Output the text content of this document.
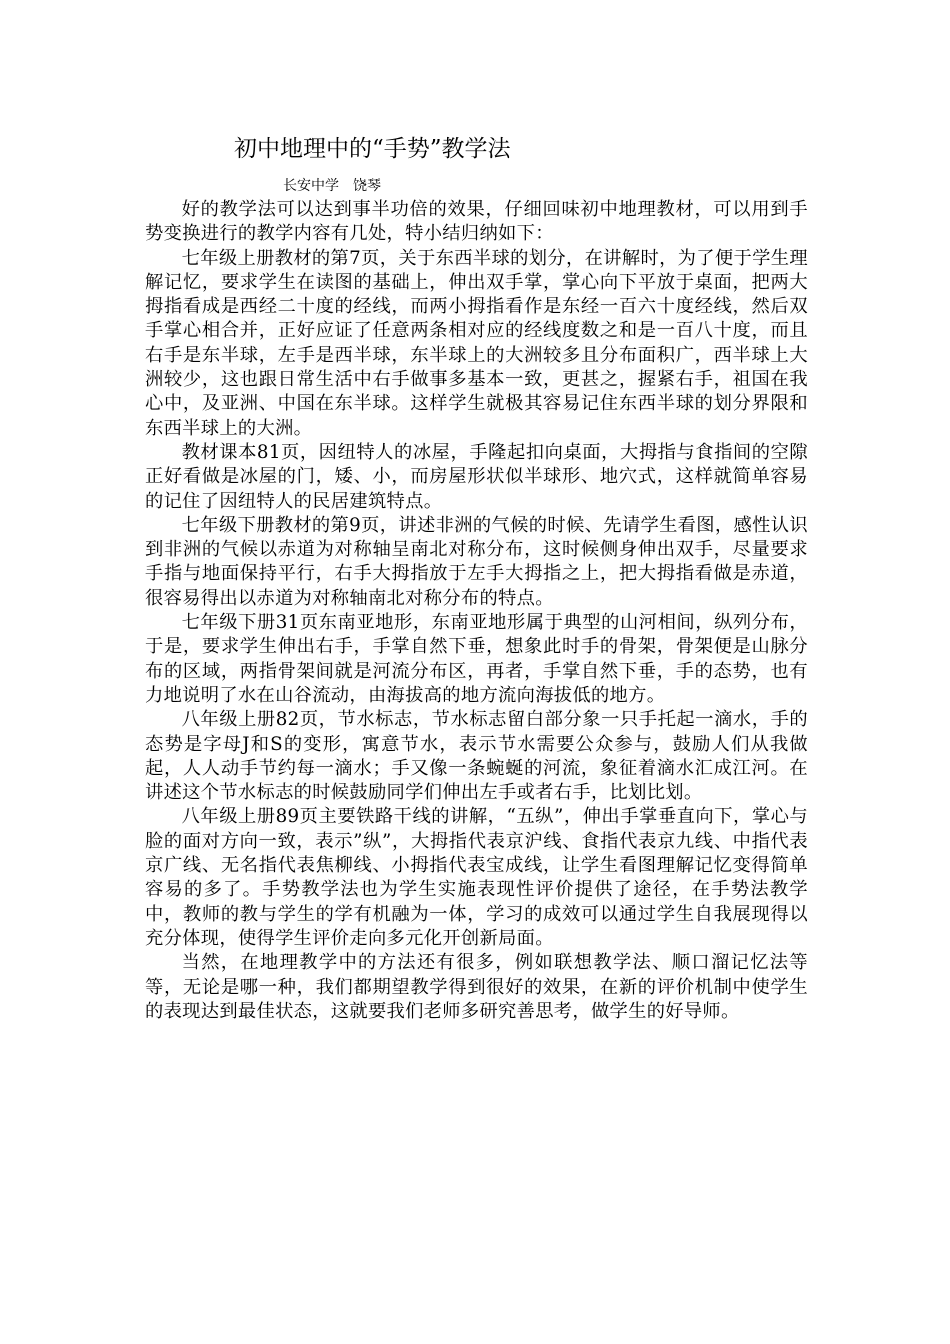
初中地理中的“手势”教学法
长安中学 饶琴

好的教学法可以达到事半功倍的效果，仔细回味初中地理教材，可以用到手势变换进行的教学内容有几处，特小结归纳如下：

七年级上册教材的第7页，关于东西半球的划分，在讲解时，为了便于学生理解记忆，要求学生在读图的基础上，伸出双手掌，掌心向下平放于桌面，把两大拇指看成是西经二十度的经线，而两小拇指看作是东经一百六十度经线，然后双手掌心相合并，正好应证了任意两条相对应的经线度数之和是一百八十度，而且右手是东半球，左手是西半球，东半球上的大洲较多且分布面积广，西半球上大洲较少，这也跟日常生活中右手做事多基本一致，更甚之，握紧右手，祖国在我心中，及亚洲、中国在东半球。这样学生就极其容易记住东西半球的划分界限和东西半球上的大洲。

教材课本81页，因纽特人的冰屋，手隆起扣向桌面，大拇指与食指间的空隙正好看做是冰屋的门，矮、小，而房屋形状似半球形、地穴式，这样就简单容易的记住了因纽特人的民居建筑特点。

七年级下册教材的第9页，讲述非洲的气候的时候、先请学生看图，感性认识到非洲的气候以赤道为对称轴呈南北对称分布，这时候侧身伸出双手，尽量要求手指与地面保持平行，右手大拇指放于左手大拇指之上，把大拇指看做是赤道，很容易得出以赤道为对称轴南北对称分布的特点。

七年级下册31页东南亚地形，东南亚地形属于典型的山河相间，纵列分布，于是，要求学生伸出右手，手掌自然下垂，想象此时手的骨架，骨架便是山脉分布的区域，两指骨架间就是河流分布区，再者，手掌自然下垂，手的态势，也有力地说明了水在山谷流动，由海拔高的地方流向海拔低的地方。

八年级上册82页，节水标志，节水标志留白部分象一只手托起一滴水，手的态势是字母J和S的变形，寓意节水，表示节水需要公众参与，鼓励人们从我做起，人人动手节约每一滴水；手又像一条蜿蜒的河流，象征着滴水汇成江河。在讲述这个节水标志的时候鼓励同学们伸出左手或者右手，比划比划。

八年级上册89页主要铁路干线的讲解，“五纵”，伸出手掌垂直向下，掌心与脸的面对方向一致，表示”纵”，大拇指代表京沪线、食指代表京九线、中指代表京广线、无名指代表焦柳线、小拇指代表宝成线，让学生看图理解记忆变得简单容易的多了。手势教学法也为学生实施表现性评价提供了途径，在手势法教学中，教师的教与学生的学有机融为一体，学习的成效可以通过学生自我展现得以充分体现，使得学生评价走向多元化开创新局面。

当然，在地理教学中的方法还有很多，例如联想教学法、顺口溜记忆法等等，无论是哪一种，我们都期望教学得到很好的效果，在新的评价机制中使学生的表现达到最佳状态，这就要我们老师多研究善思考，做学生的好导师。
